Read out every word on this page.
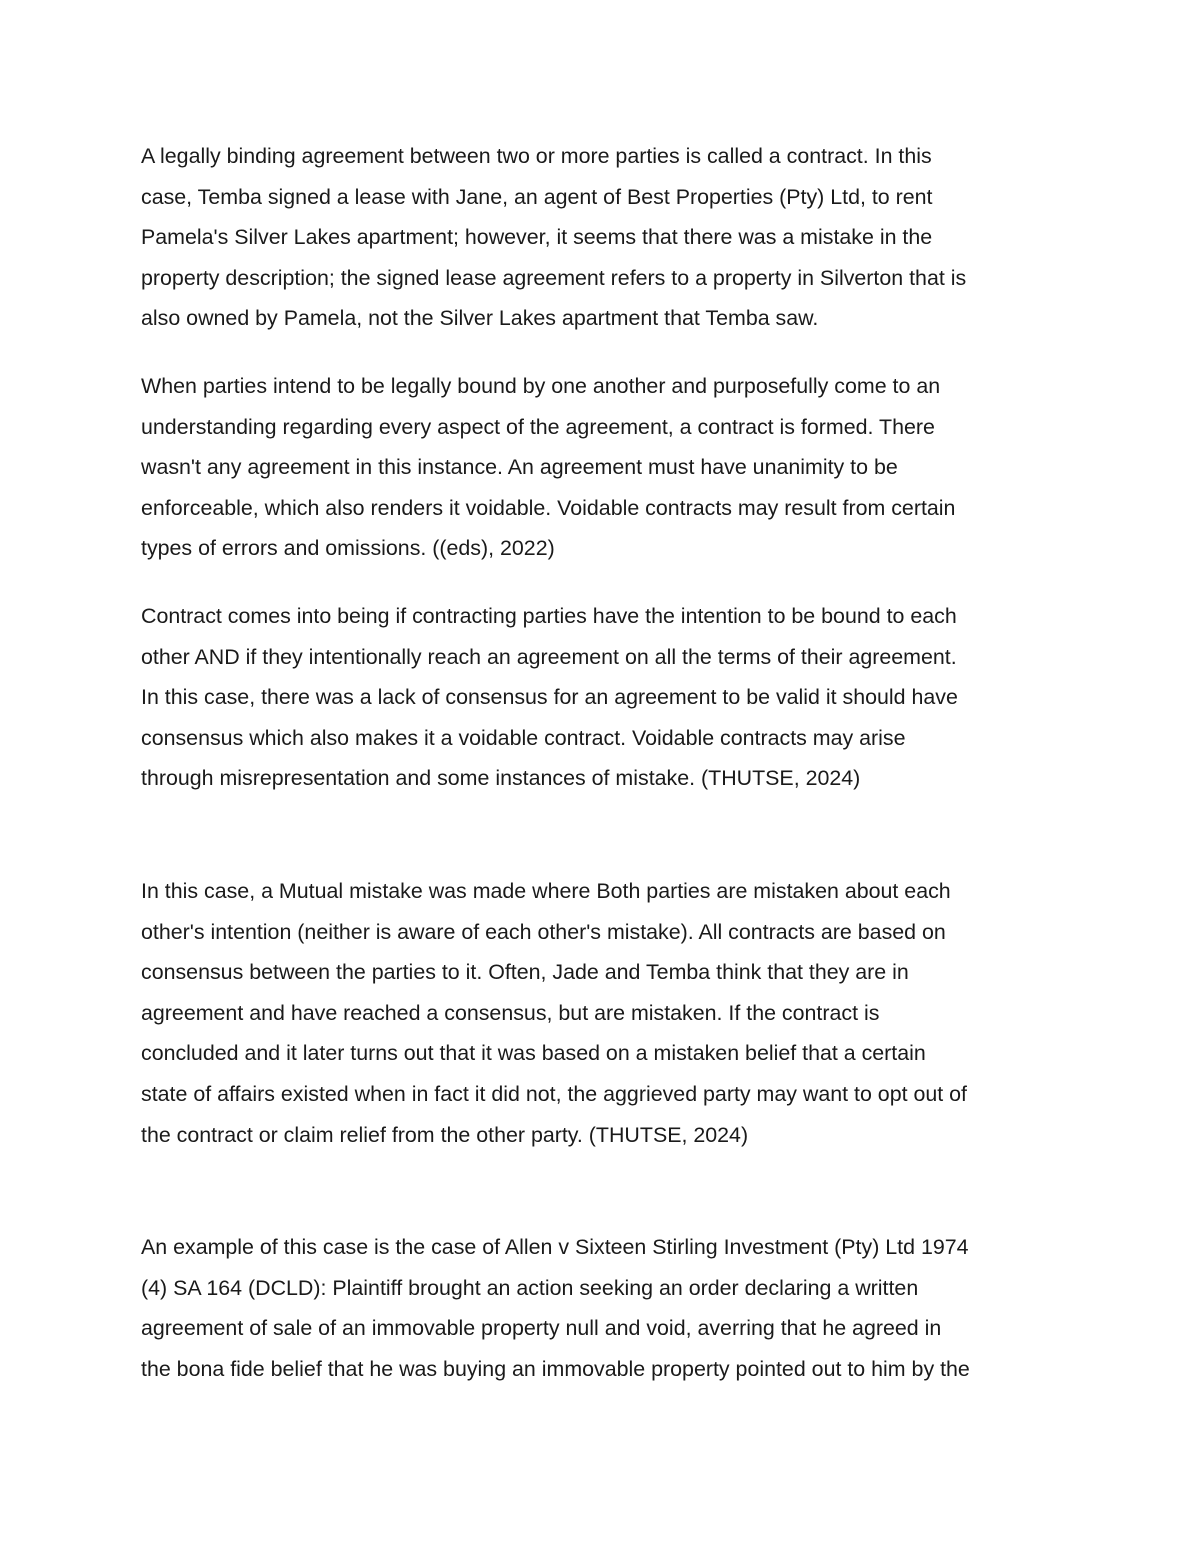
A legally binding agreement between two or more parties is called a contract. In this
case, Temba signed a lease with Jane, an agent of Best Properties (Pty) Ltd, to rent
Pamela's Silver Lakes apartment; however, it seems that there was a mistake in the
property description; the signed lease agreement refers to a property in Silverton that is
also owned by Pamela, not the Silver Lakes apartment that Temba saw.

When parties intend to be legally bound by one another and purposefully come to an
understanding regarding every aspect of the agreement, a contract is formed. There
wasn't any agreement in this instance. An agreement must have unanimity to be
enforceable, which also renders it voidable. Voidable contracts may result from certain
types of errors and omissions. ((eds), 2022)

Contract comes into being if contracting parties have the intention to be bound to each
other AND if they intentionally reach an agreement on all the terms of their agreement.
In this case, there was a lack of consensus for an agreement to be valid it should have
consensus which also makes it a voidable contract. Voidable contracts may arise
through misrepresentation and some instances of mistake. (THUTSE, 2024)

In this case, a Mutual mistake was made where Both parties are mistaken about each
other's intention (neither is aware of each other's mistake). All contracts are based on
consensus between the parties to it. Often, Jade and Temba think that they are in
agreement and have reached a consensus, but are mistaken. If the contract is
concluded and it later turns out that it was based on a mistaken belief that a certain
state of affairs existed when in fact it did not, the aggrieved party may want to opt out of
the contract or claim relief from the other party. (THUTSE, 2024)

An example of this case is the case of Allen v Sixteen Stirling Investment (Pty) Ltd 1974
(4) SA 164 (DCLD): Plaintiff brought an action seeking an order declaring a written
agreement of sale of an immovable property null and void, averring that he agreed in
the bona fide belief that he was buying an immovable property pointed out to him by the
